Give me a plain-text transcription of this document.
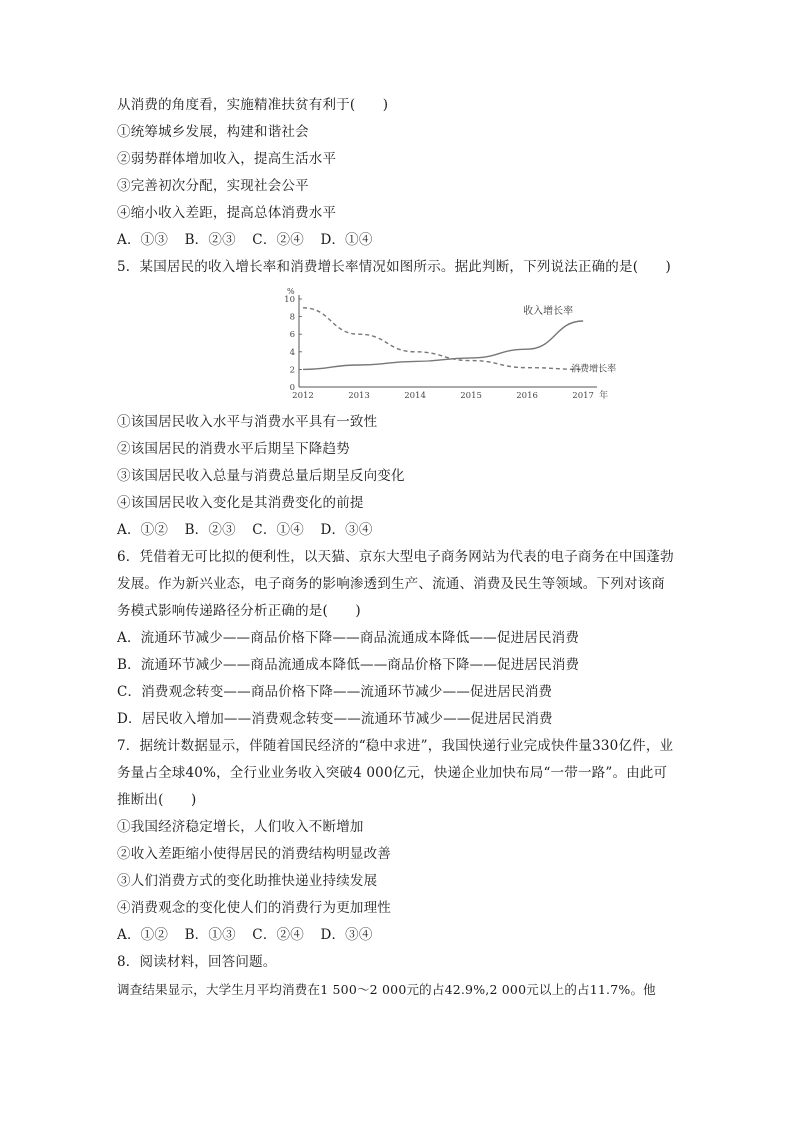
从消费的角度看，实施精准扶贫有利于(　　)
①统筹城乡发展，构建和谐社会
②弱势群体增加收入，提高生活水平
③完善初次分配，实现社会公平
④缩小收入差距，提高总体消费水平
A．①③ B．②③ C．②④ D．①④
5．某国居民的收入增长率和消费增长率情况如图所示。据此判断，下列说法正确的是(　　)
%
0
2
4
6
8
10
2012	2013	2014	2015	2016	2017 年
收入增长率
消费增长率
①该国居民收入水平与消费水平具有一致性
②该国居民的消费水平后期呈下降趋势
③该国居民收入总量与消费总量后期呈反向变化
④该国居民收入变化是其消费变化的前提
A．①② B．②③ C．①④ D．③④
6．凭借着无可比拟的便利性，以天猫、京东大型电子商务网站为代表的电子商务在中国蓬勃发展。作为新兴业态，电子商务的影响渗透到生产、流通、消费及民生等领域。下列对该商务模式影响传递路径分析正确的是(　　)
A．流通环节减少——商品价格下降——商品流通成本降低——促进居民消费
B．流通环节减少——商品流通成本降低——商品价格下降——促进居民消费
C．消费观念转变——商品价格下降——流通环节减少——促进居民消费
D．居民收入增加——消费观念转变——流通环节减少——促进居民消费
7．据统计数据显示，伴随着国民经济的“稳中求进”，我国快递行业完成快件量330亿件，业务量占全球40%，全行业业务收入突破4 000亿元，快递企业加快布局“一带一路”。由此可推断出(　　)
①我国经济稳定增长，人们收入不断增加
②收入差距缩小使得居民的消费结构明显改善
③人们消费方式的变化助推快递业持续发展
④消费观念的变化使人们的消费行为更加理性
A．①② B．①③ C．②④ D．③④
8．阅读材料，回答问题。
调查结果显示，大学生月平均消费在1 500～2 000元的占42.9%,2 000元以上的占11.7%。他
